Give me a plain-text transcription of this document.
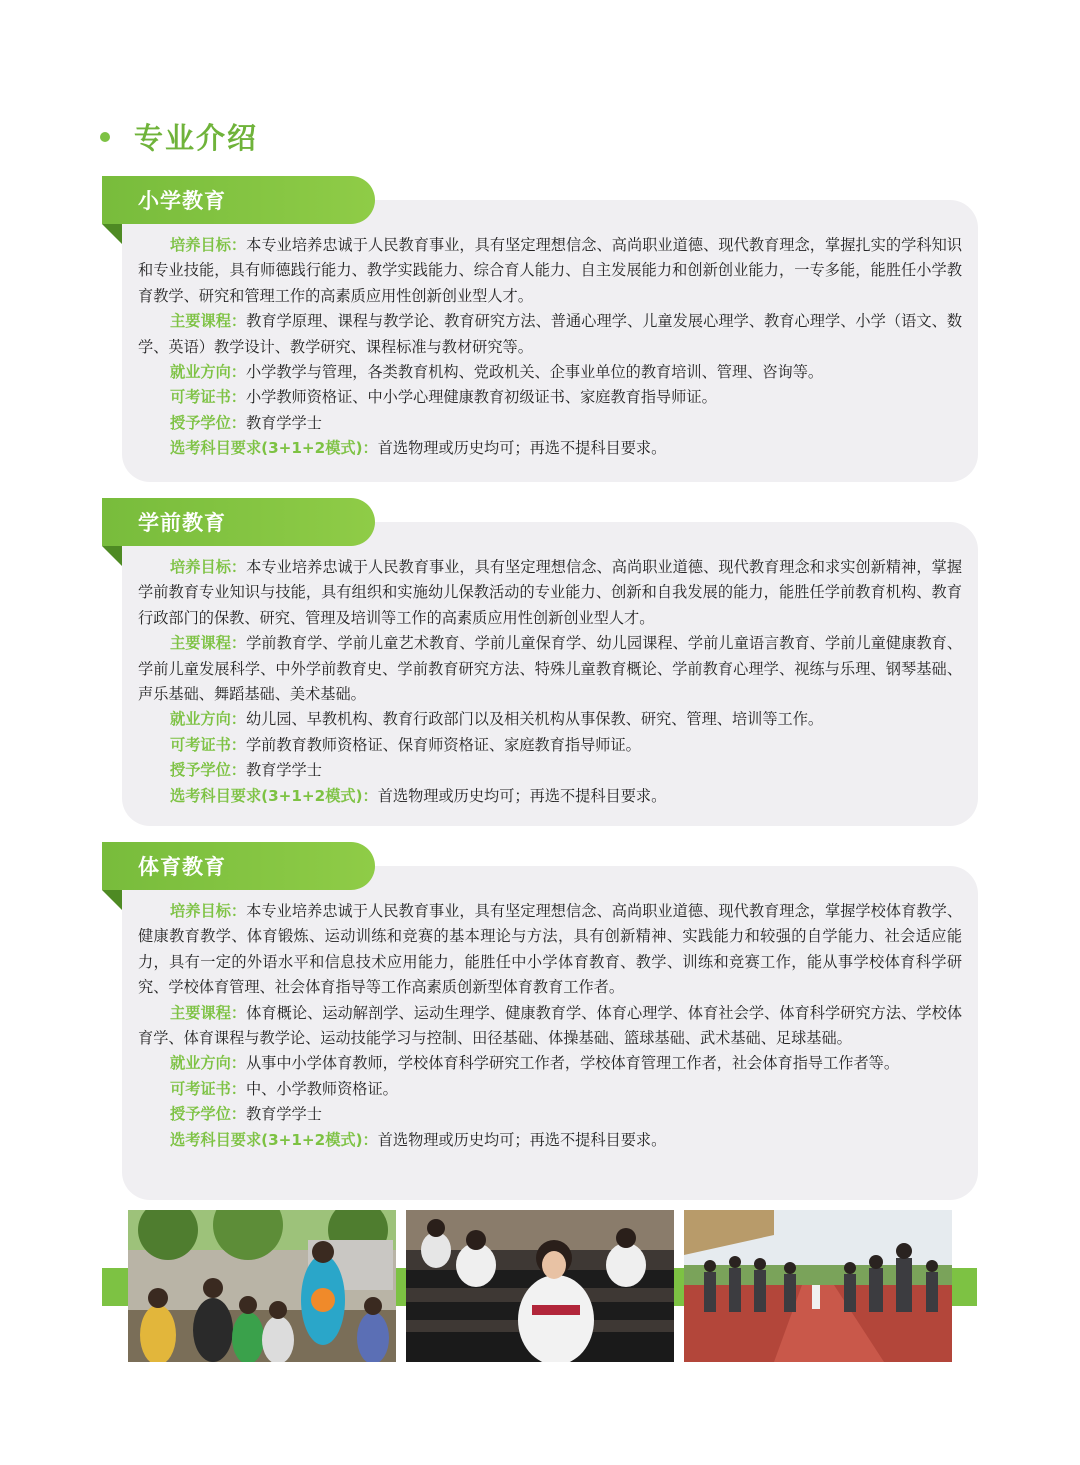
专业介绍
小学教育

培养目标：本专业培养忠诚于人民教育事业，具有坚定理想信念、高尚职业道德、现代教育理念，掌握扎实的学科知识和专业技能，具有师德践行能力、教学实践能力、综合育人能力、自主发展能力和创新创业能力，一专多能，能胜任小学教育教学、研究和管理工作的高素质应用性创新创业型人才。

主要课程：教育学原理、课程与教学论、教育研究方法、普通心理学、儿童发展心理学、教育心理学、小学（语文、数学、英语）教学设计、教学研究、课程标准与教材研究等。

就业方向：小学教学与管理，各类教育机构、党政机关、企事业单位的教育培训、管理、咨询等。

可考证书：小学教师资格证、中小学心理健康教育初级证书、家庭教育指导师证。

授予学位：教育学学士

选考科目要求(3+1+2模式)：首选物理或历史均可；再选不提科目要求。

学前教育

培养目标：本专业培养忠诚于人民教育事业，具有坚定理想信念、高尚职业道德、现代教育理念和求实创新精神，掌握学前教育专业知识与技能，具有组织和实施幼儿保教活动的专业能力、创新和自我发展的能力，能胜任学前教育机构、教育行政部门的保教、研究、管理及培训等工作的高素质应用性创新创业型人才。

主要课程：学前教育学、学前儿童艺术教育、学前儿童保育学、幼儿园课程、学前儿童语言教育、学前儿童健康教育、学前儿童发展科学、中外学前教育史、学前教育研究方法、特殊儿童教育概论、学前教育心理学、视练与乐理、钢琴基础、声乐基础、舞蹈基础、美术基础。

就业方向：幼儿园、早教机构、教育行政部门以及相关机构从事保教、研究、管理、培训等工作。

可考证书：学前教育教师资格证、保育师资格证、家庭教育指导师证。

授予学位：教育学学士

选考科目要求(3+1+2模式)：首选物理或历史均可；再选不提科目要求。

体育教育

培养目标：本专业培养忠诚于人民教育事业，具有坚定理想信念、高尚职业道德、现代教育理念，掌握学校体育教学、健康教育教学、体育锻炼、运动训练和竞赛的基本理论与方法，具有创新精神、实践能力和较强的自学能力、社会适应能力，具有一定的外语水平和信息技术应用能力，能胜任中小学体育教育、教学、训练和竞赛工作，能从事学校体育科学研究、学校体育管理、社会体育指导等工作高素质创新型体育教育工作者。

主要课程：体育概论、运动解剖学、运动生理学、健康教育学、体育心理学、体育社会学、体育科学研究方法、学校体育学、体育课程与教学论、运动技能学习与控制、田径基础、体操基础、篮球基础、武术基础、足球基础。

就业方向：从事中小学体育教师，学校体育科学研究工作者，学校体育管理工作者，社会体育指导工作者等。

可考证书：中、小学教师资格证。

授予学位：教育学学士

选考科目要求(3+1+2模式)：首选物理或历史均可；再选不提科目要求。
